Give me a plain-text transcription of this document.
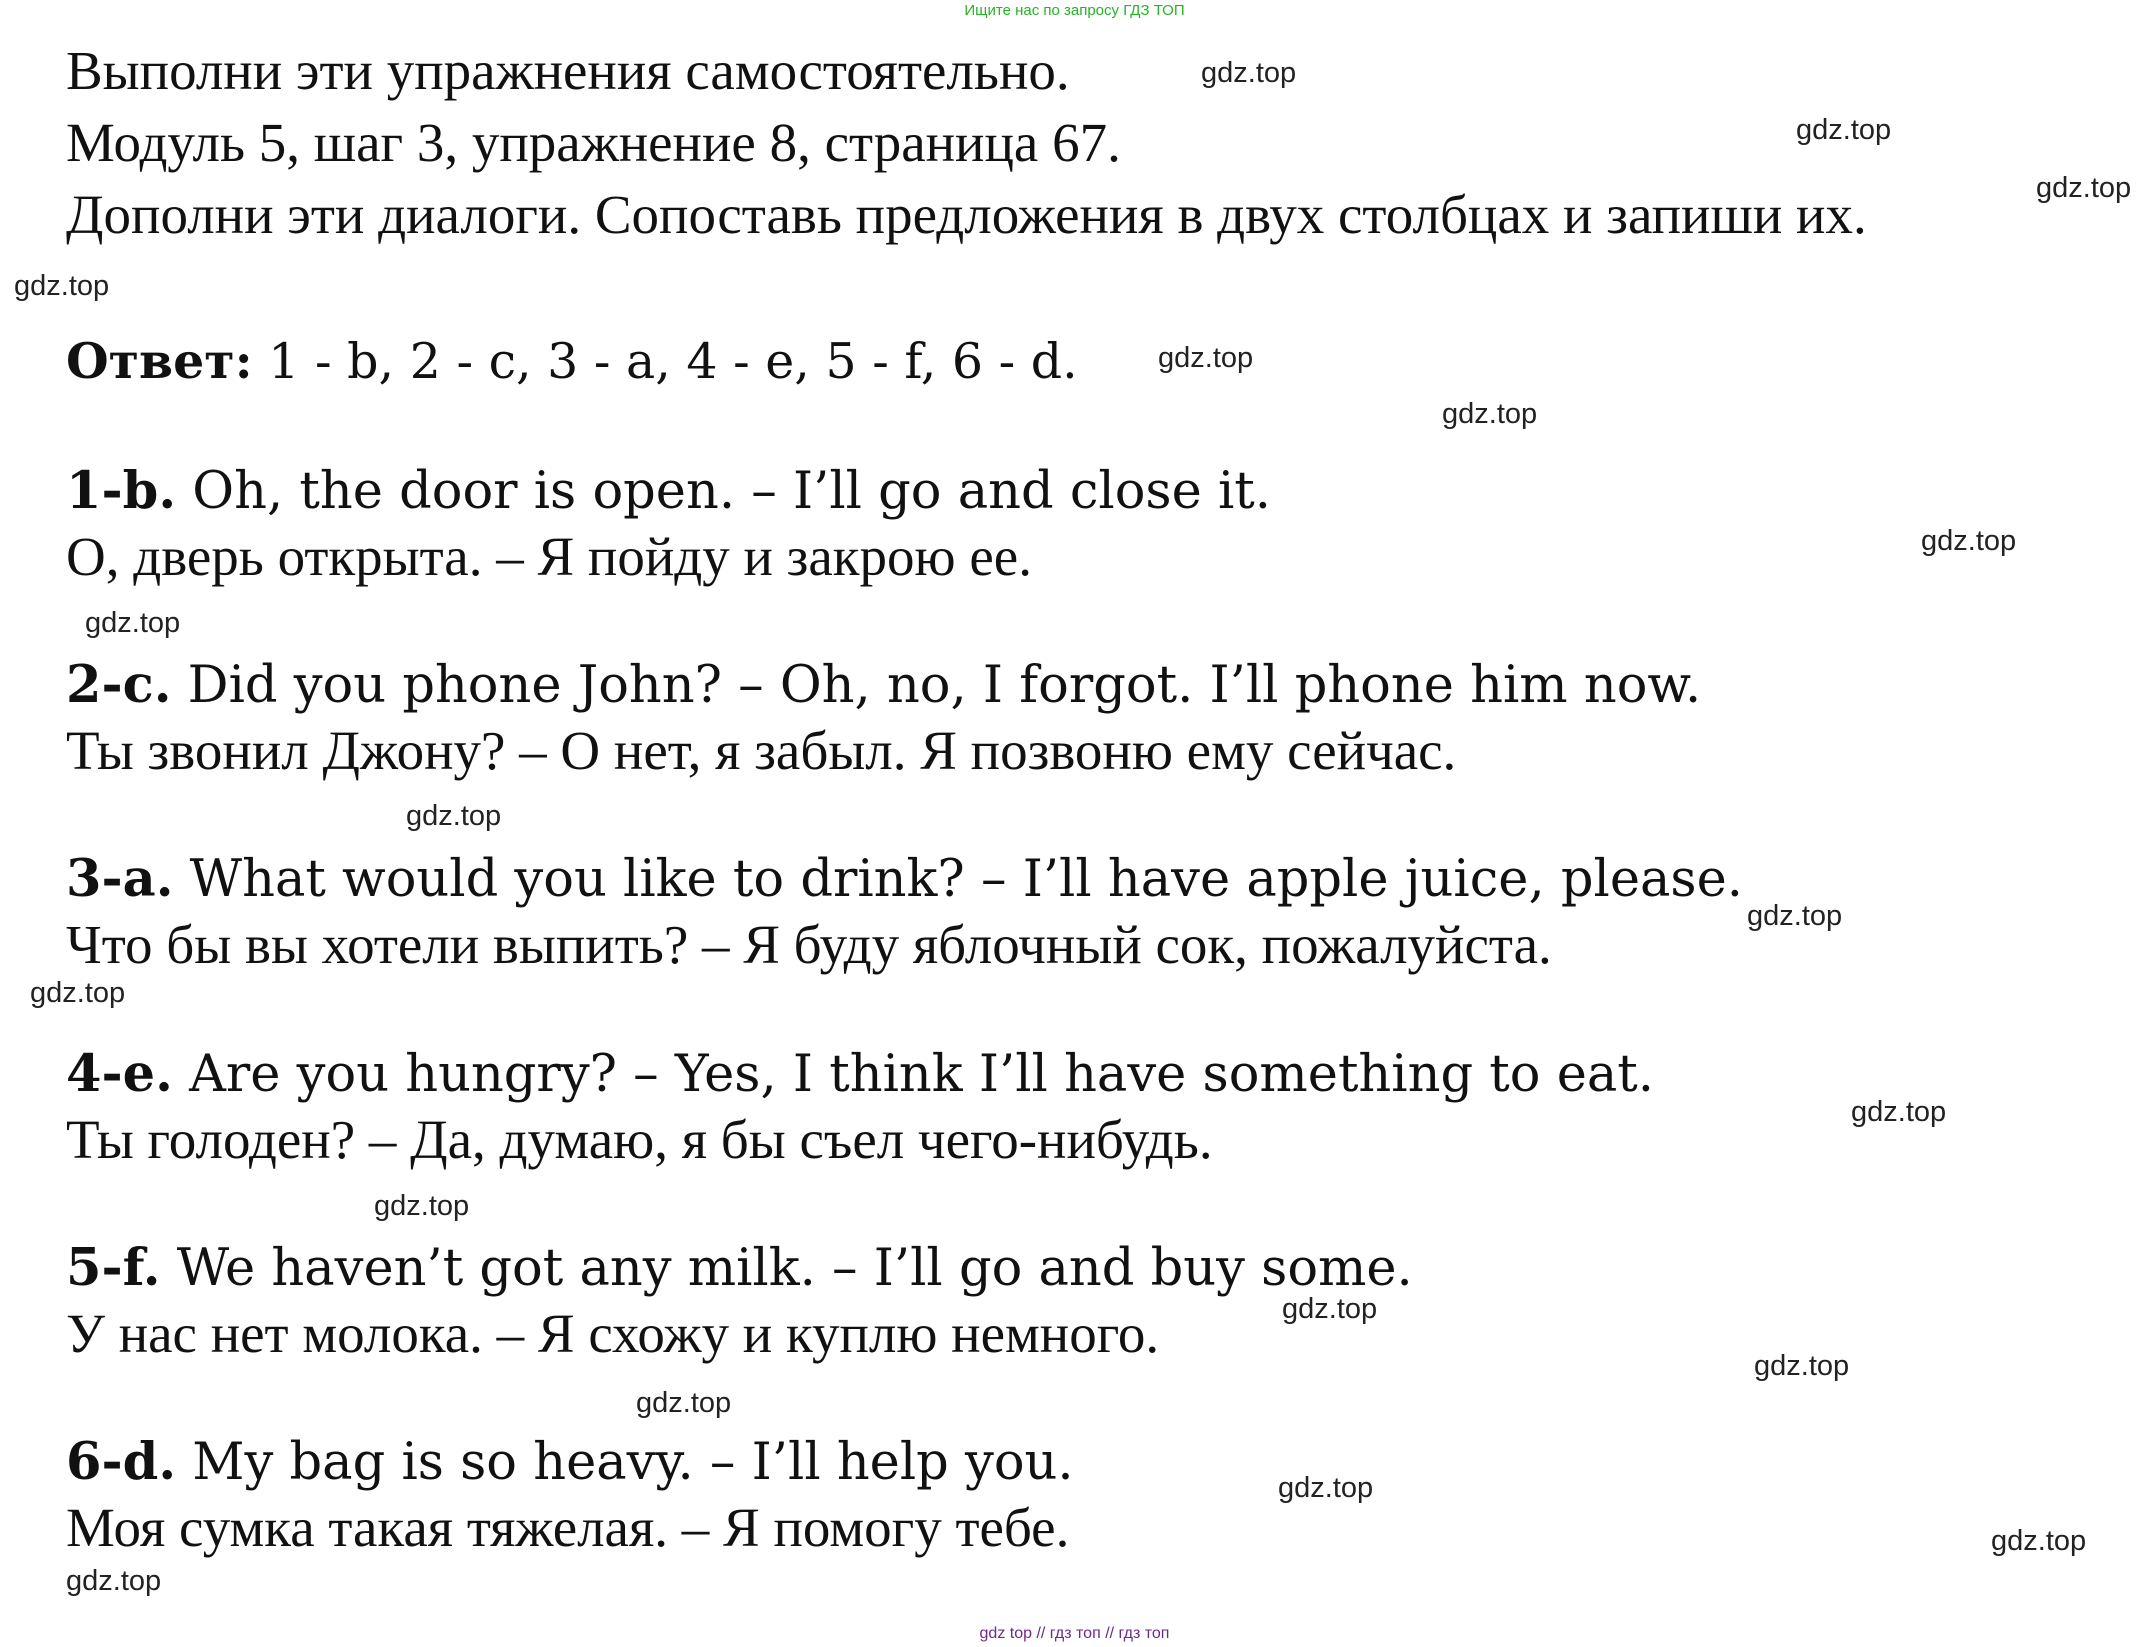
Ищите нас по запросу ГДЗ ТОП
Выполни эти упражнения самостоятельно.
Модуль 5, шаг 3, упражнение 8, страница 67.
Дополни эти диалоги. Сопоставь предложения в двух столбцах и запиши их.
Ответ: 1 - b, 2 - c, 3 - a, 4 - e, 5 - f, 6 - d.
1-b. Oh, the door is open. – I’ll go and close it.
О, дверь открыта. – Я пойду и закрою ее.
2-c. Did you phone John? – Oh, no, I forgot. I’ll phone him now.
Ты звонил Джону? – О нет, я забыл. Я позвоню ему сейчас.
3-a. What would you like to drink? – I’ll have apple juice, please.
Что бы вы хотели выпить? – Я буду яблочный сок, пожалуйста.
4-e. Are you hungry? – Yes, I think I’ll have something to eat.
Ты голоден? – Да, думаю, я бы съел чего-нибудь.
5-f. We haven’t got any milk. – I’ll go and buy some.
У нас нет молока. – Я схожу и куплю немного.
6-d. My bag is so heavy. – I’ll help you.
Моя сумка такая тяжелая. – Я помогу тебе.
gdz.top
gdz.top
gdz.top
gdz.top
gdz.top
gdz.top
gdz.top
gdz.top
gdz.top
gdz.top
gdz.top
gdz.top
gdz.top
gdz.top
gdz.top
gdz.top
gdz.top
gdz.top
gdz.top
gdz top // гдз топ // гдз топ
